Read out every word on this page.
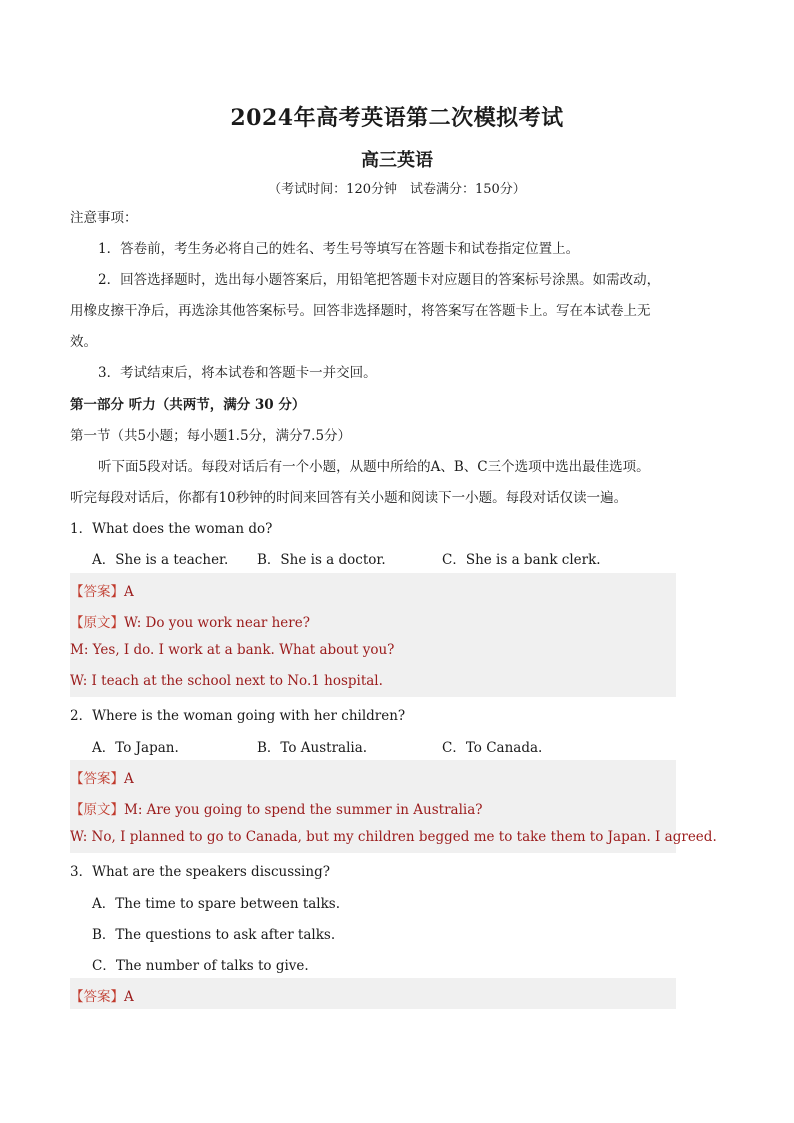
2024年高考英语第二次模拟考试
高三英语
（考试时间：120分钟　试卷满分：150分）
注意事项：
1．答卷前，考生务必将自己的姓名、考生号等填写在答题卡和试卷指定位置上。
2．回答选择题时，选出每小题答案后，用铅笔把答题卡对应题目的答案标号涂黑。如需改动，
用橡皮擦干净后，再选涂其他答案标号。回答非选择题时，将答案写在答题卡上。写在本试卷上无
效。
3．考试结束后，将本试卷和答题卡一并交回。
第一部分 听力（共两节，满分 30 分）
第一节（共5小题；每小题1.5分，满分7.5分）
听下面5段对话。每段对话后有一个小题，从题中所给的A、B、C三个选项中选出最佳选项。
听完每段对话后，你都有10秒钟的时间来回答有关小题和阅读下一小题。每段对话仅读一遍。
1．What does the woman do?
A．She is a teacher. B．She is a doctor.	C．She is a bank clerk.
【答案】A
【原文】W: Do you work near here?
M: Yes, I do. I work at a bank. What about you?
W: I teach at the school next to No.1 hospital.
2．Where is the woman going with her children?
A．To Japan.	B．To Australia.	C．To Canada.
【答案】A
【原文】M: Are you going to spend the summer in Australia?
W: No, I planned to go to Canada, but my children begged me to take them to Japan. I agreed.
3．What are the speakers discussing?
A．The time to spare between talks.
B．The questions to ask after talks.
C．The number of talks to give.
【答案】A
